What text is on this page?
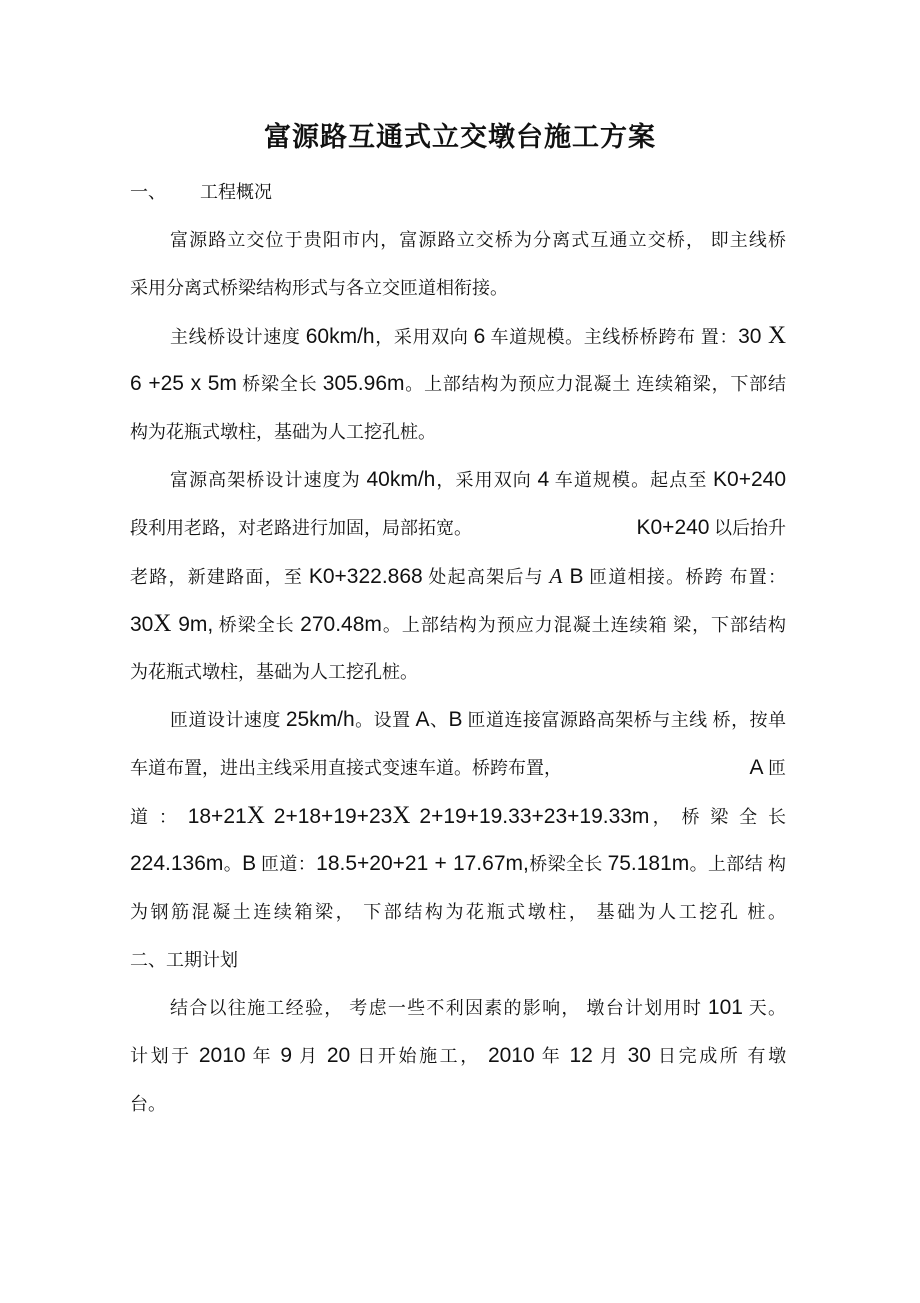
富源路互通式立交墩台施工方案
一、 工程概况
富源路立交位于贵阳市内，富源路立交桥为分离式互通立交桥， 即主线桥
采用分离式桥梁结构形式与各立交匝道相衔接。
主线桥设计速度 60km/h，采用双向 6 车道规模。主线桥桥跨布 置：30 X
6 +25 x 5m 桥梁全长 305.96m。上部结构为预应力混凝土 连续箱梁，下部结
构为花瓶式墩柱，基础为人工挖孔桩。
富源高架桥设计速度为 40km/h，采用双向 4 车道规模。起点至 K0+240
段利用老路，对老路进行加固，局部拓宽。	K0+240 以后抬升
老路，新建路面，至 K0+322.868 处起高架后与 A B 匝道相接。桥跨 布置：
30X 9m, 桥梁全长 270.48m。上部结构为预应力混凝土连续箱 梁，下部结构
为花瓶式墩柱，基础为人工挖孔桩。
匝道设计速度 25km/h。设置 A、B 匝道连接富源路高架桥与主线 桥，按单
车道布置，进出主线采用直接式变速车道。桥跨布置，	A 匝
道 ： 18+21X 2+18+19+23X 2+19+19.33+23+19.33m， 桥 梁 全 长
224.136m。B 匝道：18.5+20+21 + 17.67m,桥梁全长 75.181m。上部结 构
为钢筋混凝土连续箱梁， 下部结构为花瓶式墩柱， 基础为人工挖孔 桩。
二、工期计划
结合以往施工经验， 考虑一些不利因素的影响， 墩台计划用时 101 天。
计划于 2010 年 9 月 20 日开始施工， 2010 年 12 月 30 日完成所 有墩
台。
